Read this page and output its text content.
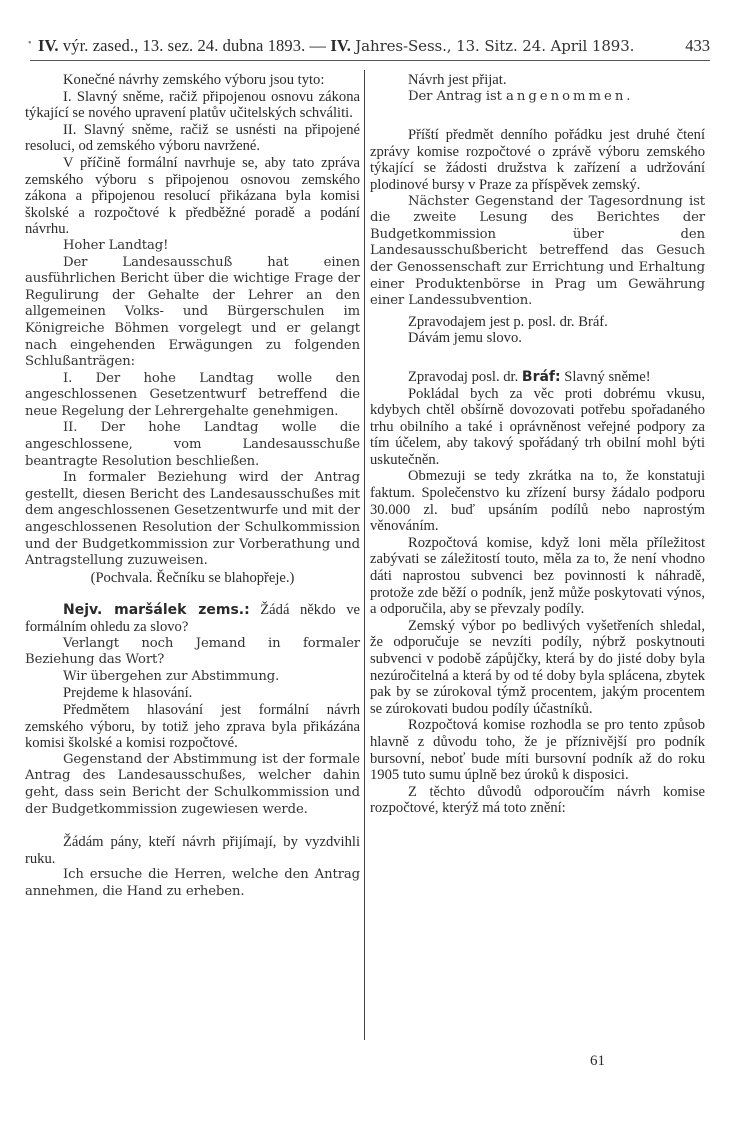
• IV. výr. zased., 13. sez. 24. dubna 1893. — IV. Jahres-Sess., 13. Sitz. 24. April 1893.	433

Konečné návrhy zemského výboru jsou tyto:

I. Slavný sněme, račiž připojenou osnovu zákona týkající se nového upravení platův učitelských schváliti.

II. Slavný sněme, račiž se usnésti na připojené resoluci, od zemského výboru navržené.

V příčině formální navrhuje se, aby tato zpráva zemského výboru s připojenou osnovou zemského zákona a připojenou resolucí přikázana byla komisi školské a rozpočtové k předběžné poradě a podání návrhu.

Hoher Landtag!

Der Landesausschuß hat einen ausführlichen Bericht über die wichtige Frage der Regulirung der Gehalte der Lehrer an den allgemeinen Volks- und Bürgerschulen im Königreiche Böhmen vorgelegt und er gelangt nach eingehenden Erwägungen zu folgenden Schlußanträgen:

I. Der hohe Landtag wolle den angeschlossenen Gesetzentwurf betreffend die neue Regelung der Lehrergehalte genehmigen.

II. Der hohe Landtag wolle die angeschlossene, vom Landesausschuße beantragte Resolution beschließen.

In formaler Beziehung wird der Antrag gestellt, diesen Bericht des Landesausschußes mit dem angeschlossenen Gesetzentwurfe und mit der angeschlossenen Resolution der Schulkommission und der Budgetkommission zur Vorberathung und Antragstellung zuzuweisen.

(Pochvala. Řečníku se blahopřeje.)

Nejv. maršálek zems.: Žádá někdo ve formálním ohledu za slovo?

Verlangt noch Jemand in formaler Beziehung das Wort?

Wir übergehen zur Abstimmung.

Prejdeme k hlasování.

Předmětem hlasování jest formální návrh zemského výboru, by totiž jeho zprava byla přikázána komisi školské a komisi rozpočtové.

Gegenstand der Abstimmung ist der formale Antrag des Landesausschußes, welcher dahin geht, dass sein Bericht der Schulkommission und der Budgetkommission zugewiesen werde.

Žádám pány, kteří návrh přijímají, by vyzdvihli ruku.

Ich ersuche die Herren, welche den Antrag annehmen, die Hand zu erheben.

Návrh jest přijat.

Der Antrag ist angenommen.

Příští předmět denního pořádku jest druhé čtení zprávy komise rozpočtové o zprávě výboru zemského týkající se žádosti družstva k zařízení a udržování plodinové bursy v Praze za příspěvek zemský.

Nächster Gegenstand der Tagesordnung ist die zweite Lesung des Berichtes der Budgetkommission über den Landesausschußbericht betreffend das Gesuch der Genossenschaft zur Errichtung und Erhaltung einer Produktenbörse in Prag um Gewährung einer Landessubvention.

Zpravodajem jest p. posl. dr. Bráf.

Dávám jemu slovo.

Zpravodaj posl. dr. Bráf: Slavný sněme!

Pokládal bych za věc proti dobrému vkusu, kdybych chtěl obšírně dovozovati potřebu spořadaného trhu obilního a také i oprávněnost veřejné podpory za tím účelem, aby takový spořádaný trh obilní mohl býti uskutečněn.

Obmezuji se tedy zkrátka na to, že konstatuji faktum. Společenstvo ku zřízení bursy žádalo podporu 30.000 zl. buď upsáním podílů nebo naprostým věnováním.

Rozpočtová komise, když loni měla příležitost zabývati se záležitostí touto, měla za to, že není vhodno dáti naprostou subvenci bez povinnosti k náhradě, protože zde běží o podník, jenž může poskytovati výnos, a odporučila, aby se převzaly podíly.

Zemský výbor po bedlivých vyšetřeních shledal, že odporučuje se nevzíti podíly, nýbrž poskytnouti subvenci v podobě zápůjčky, která by do jisté doby byla nezúročitelná a která by od té doby byla splácena, zbytek pak by se zúrokoval týmž procentem, jakým procentem se zúrokovati budou podíly účastníků.

Rozpočtová komise rozhodla se pro tento způsob hlavně z důvodu toho, že je příznivější pro podník bursovní, neboť bude míti bursovní podník až do roku 1905 tuto sumu úplně bez úroků k disposici.

Z těchto důvodů odporoučím návrh komise rozpočtové, kterýž má toto znění:

61
